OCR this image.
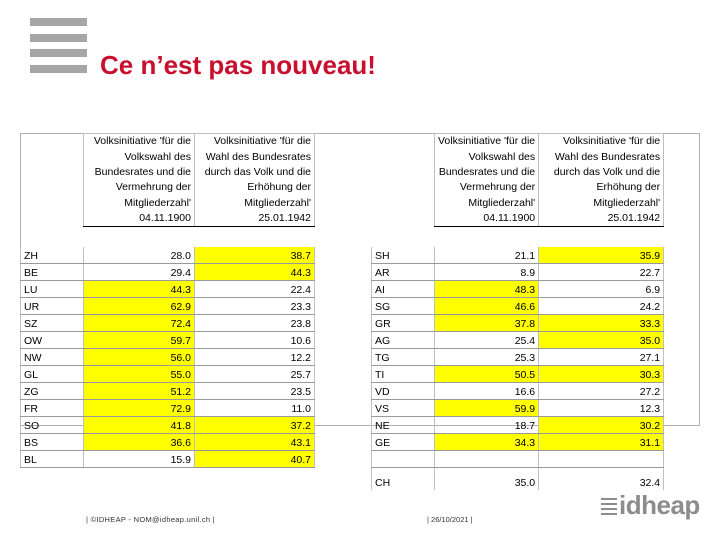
Ce n’est pas nouveau!
	Volksinitiative 'für die	Volksinitiative 'für die			Volksinitiative 'für die	Volksinitiative 'für die
	Volkswahl des	Wahl des Bundesrates			Volkswahl des	Wahl des Bundesrates
	Bundesrates und die	durch das Volk und die			Bundesrates und die	durch das Volk und die
	Vermehrung der	Erhöhung der			Vermehrung der	Erhöhung der
	Mitgliederzahl'	Mitgliederzahl'			Mitgliederzahl'	Mitgliederzahl'
	04.11.1900	25.01.1942			04.11.1900	25.01.1942

ZH	28.0	38.7		SH	21.1	35.9
BE	29.4	44.3		AR	8.9	22.7
LU	44.3	22.4		AI	48.3	6.9
UR	62.9	23.3		SG	46.6	24.2
SZ	72.4	23.8		GR	37.8	33.3
OW	59.7	10.6		AG	25.4	35.0
NW	56.0	12.2		TG	25.3	27.1
GL	55.0	25.7		TI	50.5	30.3
ZG	51.2	23.5		VD	16.6	27.2
FR	72.9	11.0		VS	59.9	12.3
SO	41.8	37.2		NE	18.7	30.2
BS	36.6	43.1		GE	34.3	31.1
BL	15.9	40.7				
				CH	35.0	32.4
| ©IDHEAP - NOM@idheap.unil.ch |	| 26/10/2021 |	idheap
